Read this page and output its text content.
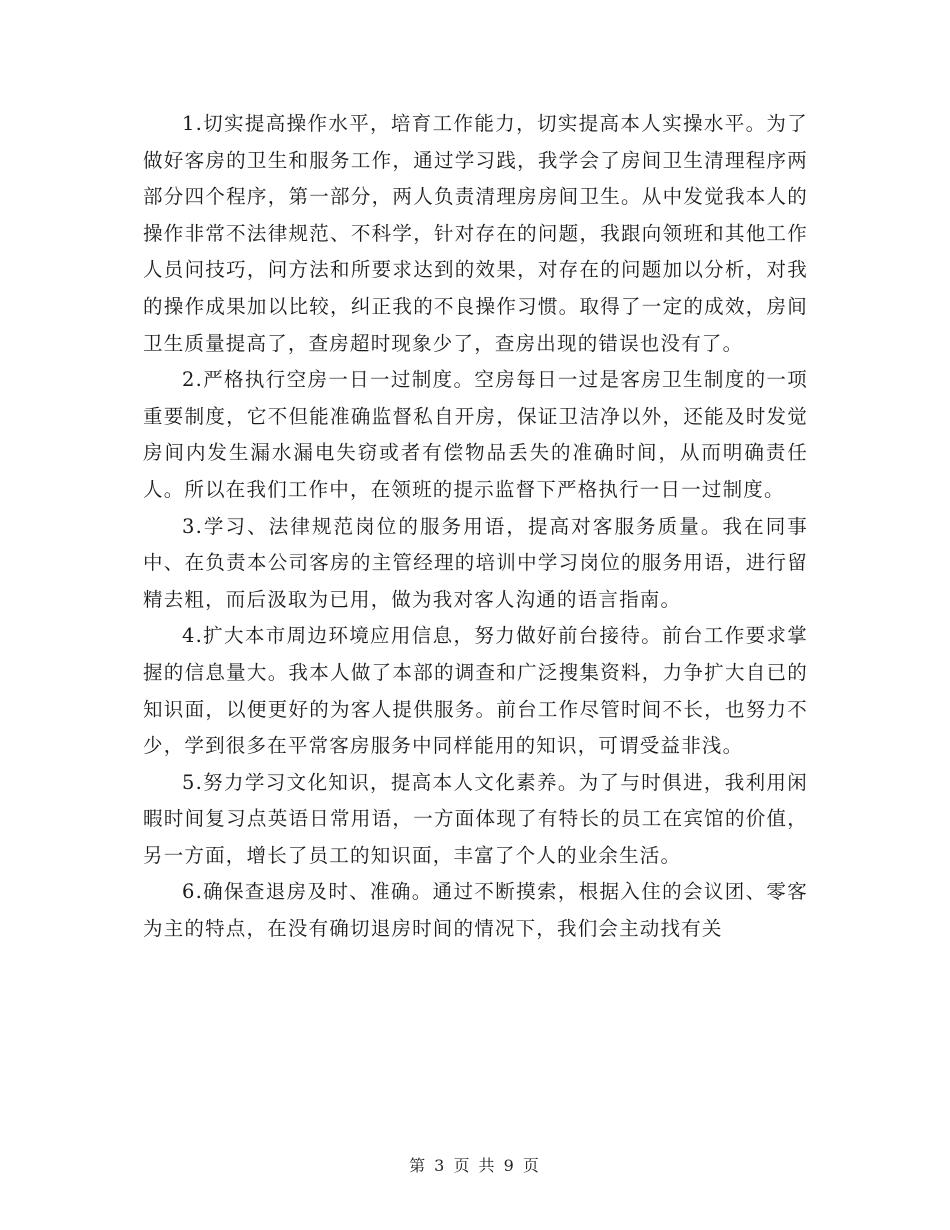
1.切实提高操作水平，培育工作能力，切实提高本人实操水平。为了做好客房的卫生和服务工作，通过学习践，我学会了房间卫生清理程序两部分四个程序，第一部分，两人负责清理房房间卫生。从中发觉我本人的操作非常不法律规范、不科学，针对存在的问题，我跟向领班和其他工作人员问技巧，问方法和所要求达到的效果，对存在的问题加以分析，对我的操作成果加以比较，纠正我的不良操作习惯。取得了一定的成效，房间卫生质量提高了，查房超时现象少了，查房出现的错误也没有了。

2.严格执行空房一日一过制度。空房每日一过是客房卫生制度的一项重要制度，它不但能准确监督私自开房，保证卫洁净以外，还能及时发觉房间内发生漏水漏电失窃或者有偿物品丢失的准确时间，从而明确责任人。所以在我们工作中，在领班的提示监督下严格执行一日一过制度。

3.学习、法律规范岗位的服务用语，提高对客服务质量。我在同事中、在负责本公司客房的主管经理的培训中学习岗位的服务用语，进行留精去粗，而后汲取为已用，做为我对客人沟通的语言指南。

4.扩大本市周边环境应用信息，努力做好前台接待。前台工作要求掌握的信息量大。我本人做了本部的调查和广泛搜集资料，力争扩大自已的知识面，以便更好的为客人提供服务。前台工作尽管时间不长，也努力不少，学到很多在平常客房服务中同样能用的知识，可谓受益非浅。

5.努力学习文化知识，提高本人文化素养。为了与时俱进，我利用闲暇时间复习点英语日常用语，一方面体现了有特长的员工在宾馆的价值，另一方面，增长了员工的知识面，丰富了个人的业余生活。

6.确保查退房及时、准确。通过不断摸索，根据入住的会议团、零客为主的特点，在没有确切退房时间的情况下，我们会主动找有关

第 3 页 共 9 页
